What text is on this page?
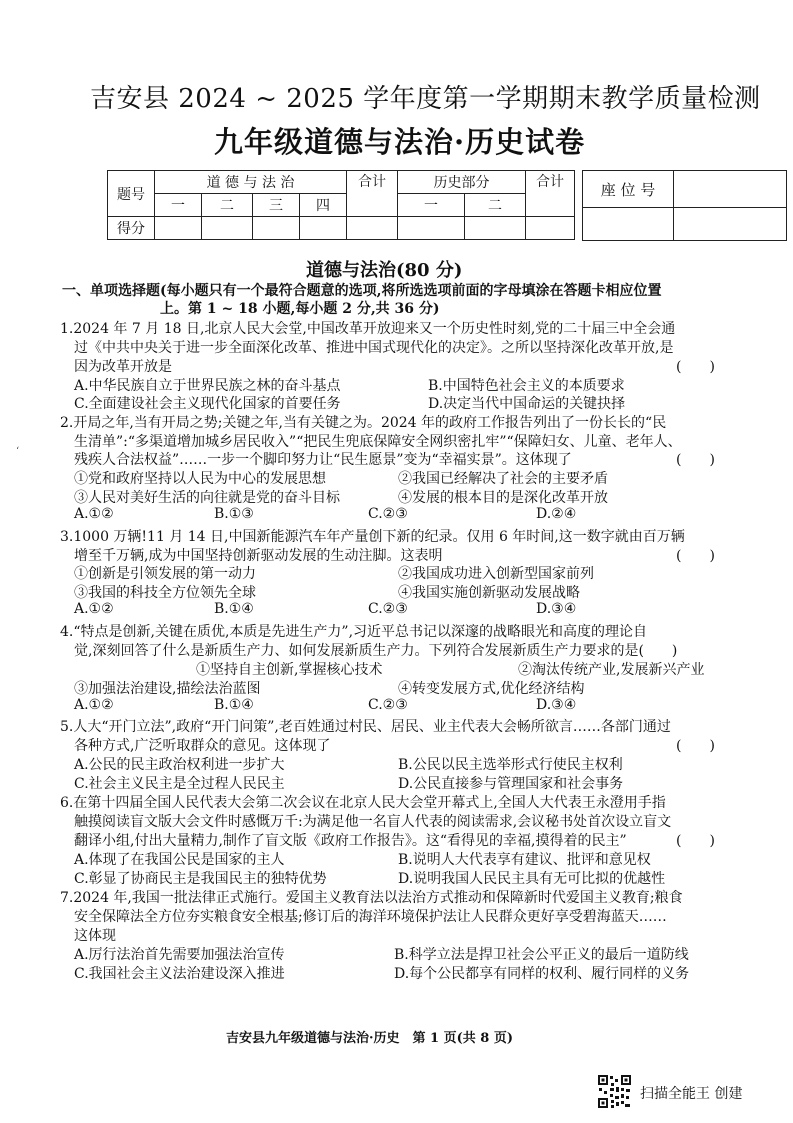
吉安县 2024 ~ 2025 学年度第一学期期末教学质量检测
九年级道德与法治·历史试卷
题号	道 德 与 法 治				合计	历史部分		合计
	一	二	三	四		一	二	
得分								
座 位 号	

道德与法治(80 分)
一、单项选择题(每小题只有一个最符合题意的选项,将所选选项前面的字母填涂在答题卡相应位置
上。第 1 ~ 18 小题,每小题 2 分,共 36 分)
ʻ
1.2024 年 7 月 18 日,北京人民大会堂,中国改革开放迎来又一个历史性时刻,党的二十届三中全会通
过《中共中央关于进一步全面深化改革、推进中国式现代化的决定》。之所以坚持深化改革开放,是
因为改革开放是	(　　)
A.中华民族自立于世界民族之林的奋斗基点	B.中国特色社会主义的本质要求
C.全面建设社会主义现代化国家的首要任务	D.决定当代中国命运的关键抉择
2.开局之年,当有开局之势;关键之年,当有关键之为。2024 年的政府工作报告列出了一份长长的“民
生清单”:“多渠道增加城乡居民收入”“把民生兜底保障安全网织密扎牢”“保障妇女、儿童、老年人、
残疾人合法权益”……一步一个脚印努力让“民生愿景”变为“幸福实景”。这体现了	(　　)
①党和政府坚持以人民为中心的发展思想	②我国已经解决了社会的主要矛盾
③人民对美好生活的向往就是党的奋斗目标	④发展的根本目的是深化改革开放
A.①②	B.①③	C.②③	D.②④
3.1000 万辆!11 月 14 日,中国新能源汽车年产量创下新的纪录。仅用 6 年时间,这一数字就由百万辆
增至千万辆,成为中国坚持创新驱动发展的生动注脚。这表明	(　　)
①创新是引领发展的第一动力	②我国成功进入创新型国家前列
③我国的科技全方位领先全球	④我国实施创新驱动发展战略
A.①②	B.①④	C.②③	D.③④
4.“特点是创新,关键在质优,本质是先进生产力”,习近平总书记以深邃的战略眼光和高度的理论自
觉,深刻回答了什么是新质生产力、如何发展新质生产力。下列符合发展新质生产力要求的是(　　)
①坚持自主创新,掌握核心技术	②淘汰传统产业,发展新兴产业
③加强法治建设,描绘法治蓝图	④转变发展方式,优化经济结构
A.①②	B.①④	C.②③	D.③④
5.人大“开门立法”,政府“开门问策”,老百姓通过村民、居民、业主代表大会畅所欲言……各部门通过
各种方式,广泛听取群众的意见。这体现了	(　　)
A.公民的民主政治权利进一步扩大	B.公民以民主选举形式行使民主权利
C.社会主义民主是全过程人民民主	D.公民直接参与管理国家和社会事务
6.在第十四届全国人民代表大会第二次会议在北京人民大会堂开幕式上,全国人大代表王永澄用手指
触摸阅读盲文版大会文件时感慨万千:为满足他一名盲人代表的阅读需求,会议秘书处首次设立盲文
翻译小组,付出大量精力,制作了盲文版《政府工作报告》。这“看得见的幸福,摸得着的民主”	(　　)
A.体现了在我国公民是国家的主人	B.说明人大代表享有建议、批评和意见权
C.彰显了协商民主是我国民主的独特优势	D.说明我国人民民主具有无可比拟的优越性
7.2024 年,我国一批法律正式施行。爱国主义教育法以法治方式推动和保障新时代爱国主义教育;粮食
安全保障法全方位夯实粮食安全根基;修订后的海洋环境保护法让人民群众更好享受碧海蓝天……
这体现
A.厉行法治首先需要加强法治宣传	B.科学立法是捍卫社会公平正义的最后一道防线
C.我国社会主义法治建设深入推进	D.每个公民都享有同样的权利、履行同样的义务
吉安县九年级道德与法治·历史　第 1 页(共 8 页)
扫描全能王 创建
